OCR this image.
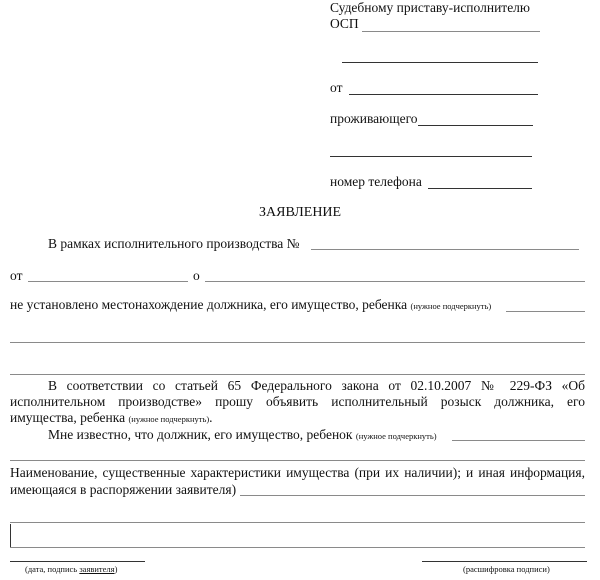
Судебному приставу-исполнителю
ОСП
от
проживающего
номер телефона
ЗАЯВЛЕНИЕ
В рамках исполнительного производства №
от	о
не установлено местонахождение должника, его имущество, ребенка (нужное подчеркнуть)
В соответствии со статьей 65 Федерального закона от 02.10.2007 № 229-ФЗ «Об исполнительном производстве» прошу объявить исполнительный розыск должника, его имущества, ребенка (нужное подчеркнуть).
Мне известно, что должник, его имущество, ребенок (нужное подчеркнуть)
Наименование, существенные характеристики имущества (при их наличии); и иная информация,
имеющаяся в распоряжении заявителя)
(дата, подпись заявителя)	(расшифровка подписи)
